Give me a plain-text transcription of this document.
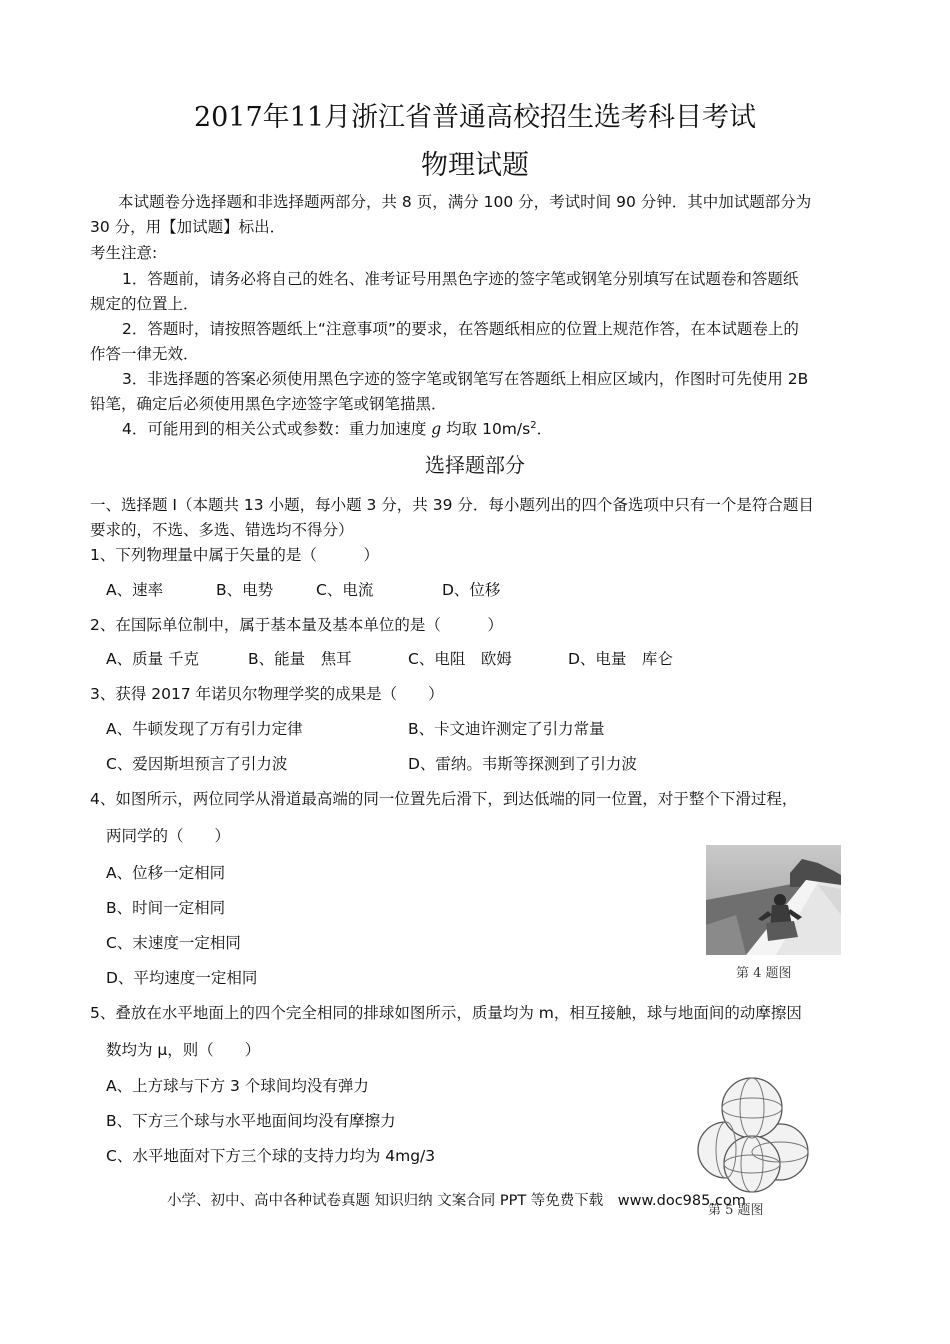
2017年11月浙江省普通高校招生选考科目考试
物理试题
本试题卷分选择题和非选择题两部分，共 8 页，满分 100 分，考试时间 90 分钟．其中加试题部分为
30 分，用【加试题】标出．
考生注意:
1．答题前，请务必将自己的姓名、准考证号用黑色字迹的签字笔或钢笔分别填写在试题卷和答题纸
规定的位置上．
2．答题时，请按照答题纸上“注意事项”的要求，在答题纸相应的位置上规范作答，在本试题卷上的
作答一律无效．
3．非选择题的答案必须使用黑色字迹的签字笔或钢笔写在答题纸上相应区域内，作图时可先使用 2B
铅笔，确定后必须使用黑色字迹签字笔或钢笔描黑．
4．可能用到的相关公式或参数：重力加速度 g 均取 $10m/s^2$．
选择题部分
一、选择题 I（本题共 13 小题，每小题 3 分，共 39 分．每小题列出的四个备选项中只有一个是符合题目
要求的，不选、多选、错选均不得分）
1、下列物理量中属于矢量的是（　　　）
A、速率	B、电势	C、电流	D、位移
2、在国际单位制中，属于基本量及基本单位的是（　　　）
A、质量 千克	B、能量　焦耳	C、电阻　欧姆	D、电量　库仑
3、获得 2017 年诺贝尔物理学奖的成果是（　　）
A、牛顿发现了万有引力定律	B、卡文迪许测定了引力常量
C、爱因斯坦预言了引力波	D、雷纳。韦斯等探测到了引力波
4、如图所示，两位同学从滑道最高端的同一位置先后滑下，到达低端的同一位置，对于整个下滑过程，
两同学的（　　）
A、位移一定相同
B、时间一定相同
C、末速度一定相同
D、平均速度一定相同	第 4 题图
5、叠放在水平地面上的四个完全相同的排球如图所示，质量均为 m，相互接触，球与地面间的动摩擦因
数均为 μ，则（　　）
A、上方球与下方 3 个球间均没有弹力
B、下方三个球与水平地面间均没有摩擦力
C、水平地面对下方三个球的支持力均为 4mg/3
第 5 题图
小学、初中、高中各种试卷真题 知识归纳 文案合同 PPT 等免费下载　www.doc985.com
